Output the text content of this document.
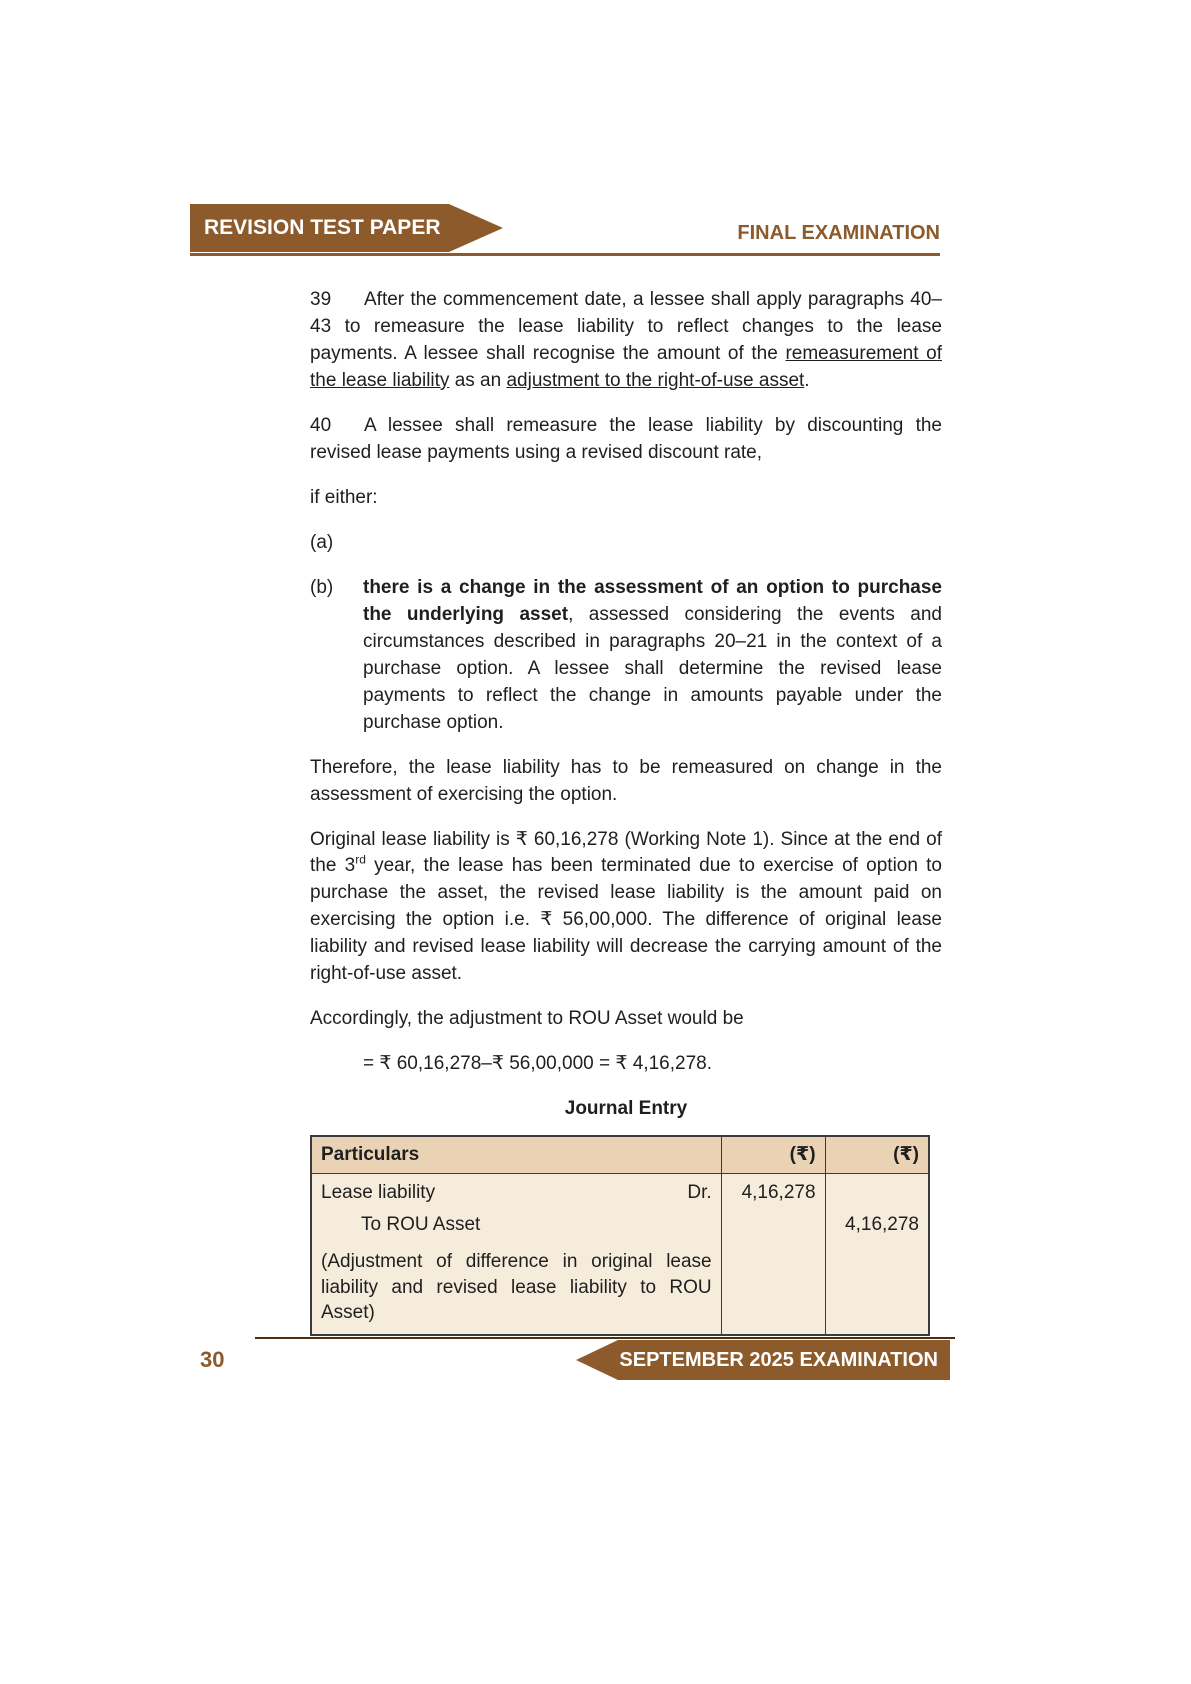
REVISION TEST PAPER	FINAL EXAMINATION

39 After the commencement date, a lessee shall apply paragraphs 40–43 to remeasure the lease liability to reflect changes to the lease payments. A lessee shall recognise the amount of the remeasurement of the lease liability as an adjustment to the right-of-use asset.

40 A lessee shall remeasure the lease liability by discounting the revised lease payments using a revised discount rate,

if either:

(a)

(b) there is a change in the assessment of an option to purchase the underlying asset, assessed considering the events and circumstances described in paragraphs 20–21 in the context of a purchase option. A lessee shall determine the revised lease payments to reflect the change in amounts payable under the purchase option.

Therefore, the lease liability has to be remeasured on change in the assessment of exercising the option.

Original lease liability is ₹ 60,16,278 (Working Note 1). Since at the end of the 3rd year, the lease has been terminated due to exercise of option to purchase the asset, the revised lease liability is the amount paid on exercising the option i.e. ₹ 56,00,000. The difference of original lease liability and revised lease liability will decrease the carrying amount of the right-of-use asset.

Accordingly, the adjustment to ROU Asset would be

= ₹ 60,16,278–₹ 56,00,000 = ₹ 4,16,278.

Journal Entry
Particulars	(₹)	(₹)

Lease liability Dr.	4,16,278	

To ROU Asset		4,16,278

(Adjustment of difference in original lease liability and revised lease liability to ROU Asset)		

SEPTEMBER 2025 EXAMINATION
30
